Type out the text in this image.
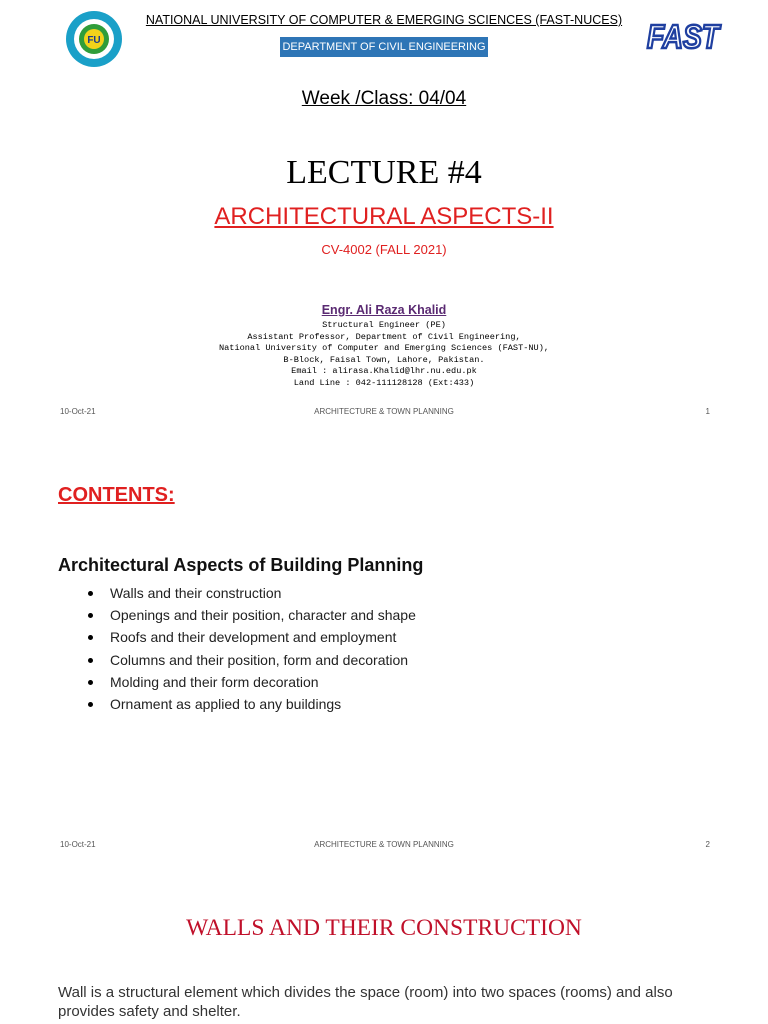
FU
NATIONAL UNIVERSITY OF COMPUTER & EMERGING SCIENCES (FAST-NUCES)
DEPARTMENT OF CIVIL ENGINEERING	FAST
Week /Class: 04/04
LECTURE #4
ARCHITECTURAL ASPECTS-II
CV-4002 (FALL 2021)
Engr. Ali Raza Khalid
Structural Engineer (PE)
Assistant Professor, Department of Civil Engineering,
National University of Computer and Emerging Sciences (FAST-NU),
B-Block, Faisal Town, Lahore, Pakistan.
Email : alirasa.Khalid@lhr.nu.edu.pk
Land Line : 042-111128128 (Ext:433)
10-Oct-21	ARCHITECTURE & TOWN PLANNING	1
CONTENTS:
Architectural Aspects of Building Planning
Walls and their construction
Openings and their position, character and shape
Roofs and their development and employment
Columns and their position, form and decoration
Molding and their form decoration
Ornament as applied to any buildings
10-Oct-21	ARCHITECTURE & TOWN PLANNING	2
WALLS AND THEIR CONSTRUCTION
Wall is a structural element which divides the space (room) into two spaces (rooms) and also provides safety and shelter.
